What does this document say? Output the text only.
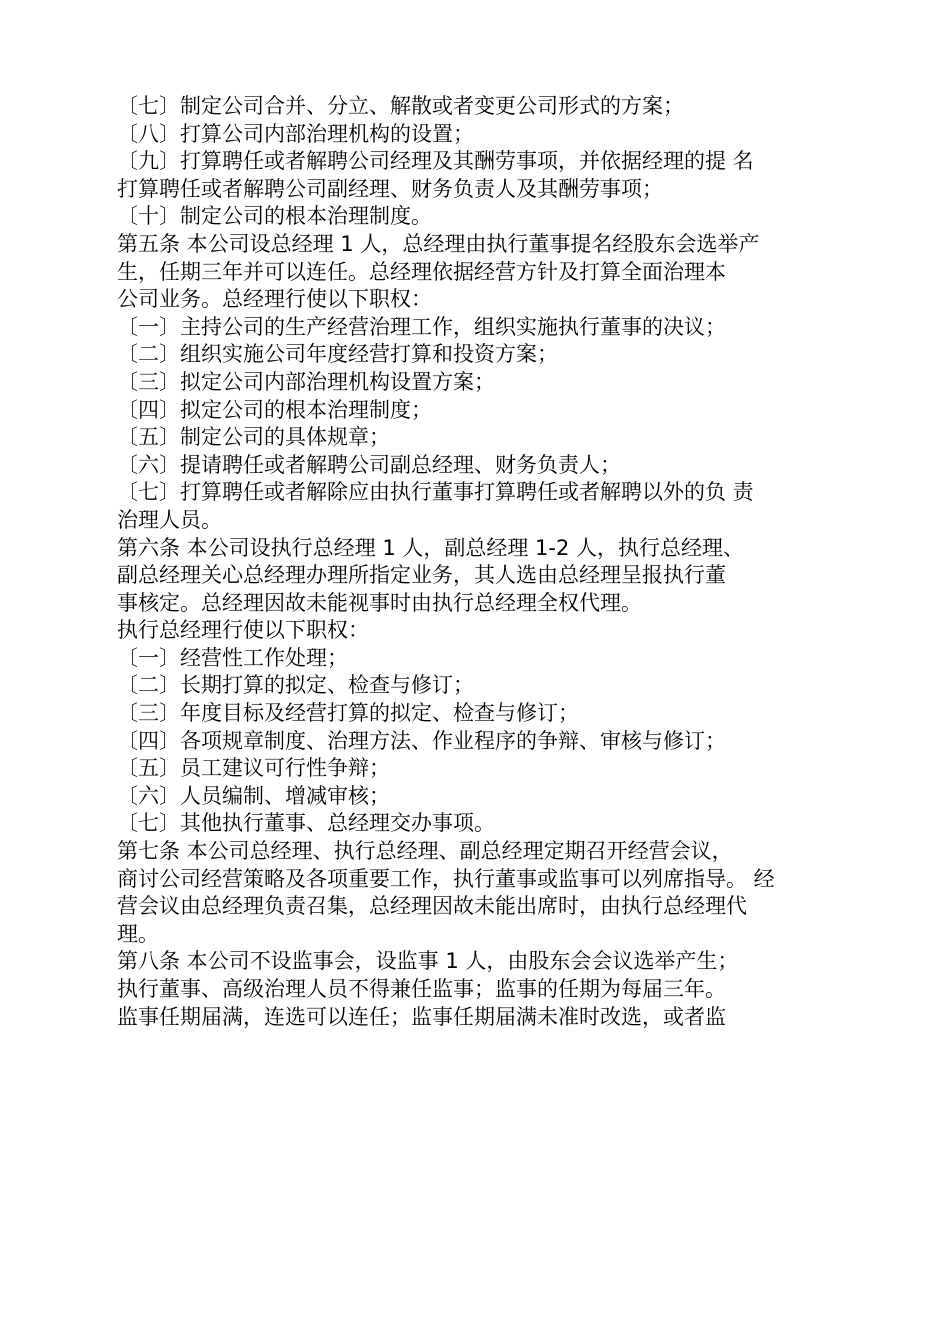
〔七〕制定公司合并、分立、解散或者变更公司形式的方案；
〔八〕打算公司内部治理机构的设置；
〔九〕打算聘任或者解聘公司经理及其酬劳事项，并依据经理的提 名
打算聘任或者解聘公司副经理、财务负责人及其酬劳事项；
〔十〕制定公司的根本治理制度。
第五条 本公司设总经理 1 人，总经理由执行董事提名经股东会选举产
生，任期三年并可以连任。总经理依据经营方针及打算全面治理本
公司业务。总经理行使以下职权：
〔一〕主持公司的生产经营治理工作，组织实施执行董事的决议；
〔二〕组织实施公司年度经营打算和投资方案；
〔三〕拟定公司内部治理机构设置方案；
〔四〕拟定公司的根本治理制度；
〔五〕制定公司的具体规章；
〔六〕提请聘任或者解聘公司副总经理、财务负责人；
〔七〕打算聘任或者解除应由执行董事打算聘任或者解聘以外的负 责
治理人员。
第六条 本公司设执行总经理 1 人，副总经理 1-2 人，执行总经理、
副总经理关心总经理办理所指定业务，其人选由总经理呈报执行董
事核定。总经理因故未能视事时由执行总经理全权代理。
执行总经理行使以下职权：
〔一〕经营性工作处理；
〔二〕长期打算的拟定、检查与修订；
〔三〕年度目标及经营打算的拟定、检查与修订；
〔四〕各项规章制度、治理方法、作业程序的争辩、审核与修订；
〔五〕员工建议可行性争辩；
〔六〕人员编制、增减审核；
〔七〕其他执行董事、总经理交办事项。
第七条 本公司总经理、执行总经理、副总经理定期召开经营会议，
商讨公司经营策略及各项重要工作，执行董事或监事可以列席指导。 经
营会议由总经理负责召集，总经理因故未能出席时，由执行总经理代
理。
第八条 本公司不设监事会，设监事 1 人，由股东会会议选举产生；
执行董事、高级治理人员不得兼任监事；监事的任期为每届三年。
监事任期届满，连选可以连任；监事任期届满未准时改选，或者监
